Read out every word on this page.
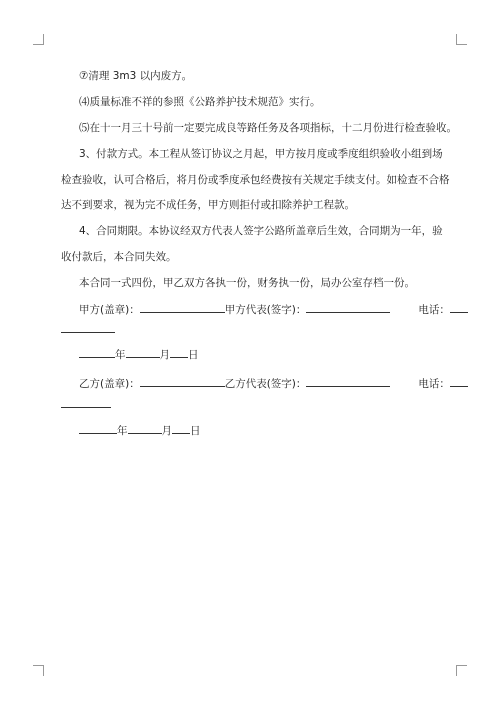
⑦清理 3m3 以内废方。
⑷质量标准不祥的参照《公路养护技术规范》实行。
⑸在十一月三十号前一定要完成良等路任务及各项指标，十二月份进行检查验收。
3、付款方式。本工程从签订协议之月起，甲方按月度或季度组织验收小组到场
检查验收，认可合格后，将月份或季度承包经费按有关规定手续支付。如检查不合格
达不到要求，视为完不成任务，甲方则拒付或扣除养护工程款。
4、合同期限。本协议经双方代表人签字公路所盖章后生效，合同期为一年，验
收付款后，本合同失效。
本合同一式四份，甲乙双方各执一份，财务执一份，局办公室存档一份。
甲方(盖章)：	甲方代表(签字)：	电话：
年	月 日
乙方(盖章)：	乙方代表(签字)：	电话：
年	月 日
